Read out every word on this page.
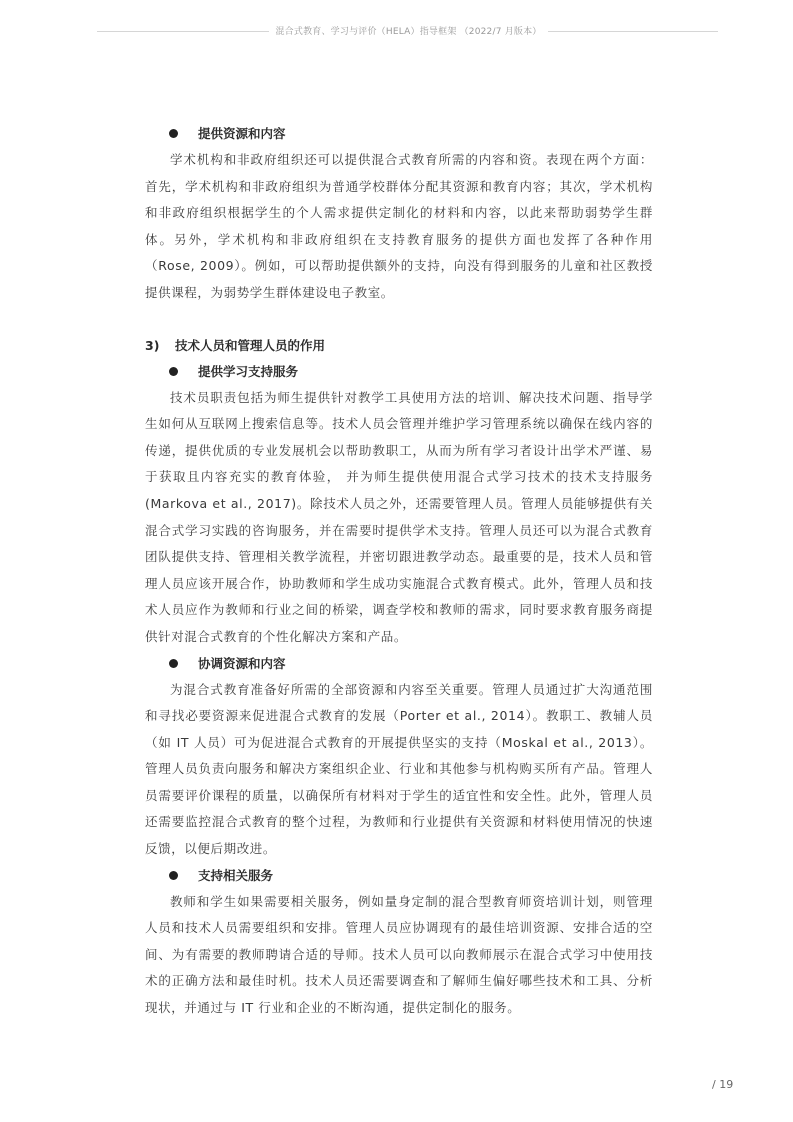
混合式教育、学习与评价（HELA）指导框架 （2022/7 月版本）
提供资源和内容

学术机构和非政府组织还可以提供混合式教育所需的内容和资。表现在两个方面：首先，学术机构和非政府组织为普通学校群体分配其资源和教育内容；其次，学术机构和非政府组织根据学生的个人需求提供定制化的材料和内容，以此来帮助弱势学生群体。另外，学术机构和非政府组织在支持教育服务的提供方面也发挥了各种作用（Rose, 2009）。例如，可以帮助提供额外的支持，向没有得到服务的儿童和社区教授提供课程，为弱势学生群体建设电子教室。

3) 技术人员和管理人员的作用
提供学习支持服务

技术员职责包括为师生提供针对教学工具使用方法的培训、解决技术问题、指导学生如何从互联网上搜索信息等。技术人员会管理并维护学习管理系统以确保在线内容的传递，提供优质的专业发展机会以帮助教职工，从而为所有学习者设计出学术严谨、易于获取且内容充实的教育体验， 并为师生提供使用混合式学习技术的技术支持服务(Markova et al., 2017)。除技术人员之外，还需要管理人员。管理人员能够提供有关混合式学习实践的咨询服务，并在需要时提供学术支持。管理人员还可以为混合式教育团队提供支持、管理相关教学流程，并密切跟进教学动态。最重要的是，技术人员和管理人员应该开展合作，协助教师和学生成功实施混合式教育模式。此外，管理人员和技术人员应作为教师和行业之间的桥梁，调查学校和教师的需求，同时要求教育服务商提供针对混合式教育的个性化解决方案和产品。

协调资源和内容

为混合式教育准备好所需的全部资源和内容至关重要。管理人员通过扩大沟通范围和寻找必要资源来促进混合式教育的发展（Porter et al., 2014）。教职工、教辅人员（如 IT 人员）可为促进混合式教育的开展提供坚实的支持（Moskal et al., 2013）。管理人员负责向服务和解决方案组织企业、行业和其他参与机构购买所有产品。管理人员需要评价课程的质量，以确保所有材料对于学生的适宜性和安全性。此外，管理人员还需要监控混合式教育的整个过程，为教师和行业提供有关资源和材料使用情况的快速反馈，以便后期改进。

支持相关服务

教师和学生如果需要相关服务，例如量身定制的混合型教育师资培训计划，则管理人员和技术人员需要组织和安排。管理人员应协调现有的最佳培训资源、安排合适的空间、为有需要的教师聘请合适的导师。技术人员可以向教师展示在混合式学习中使用技术的正确方法和最佳时机。技术人员还需要调查和了解师生偏好哪些技术和工具、分析现状，并通过与 IT 行业和企业的不断沟通，提供定制化的服务。

/ 19
